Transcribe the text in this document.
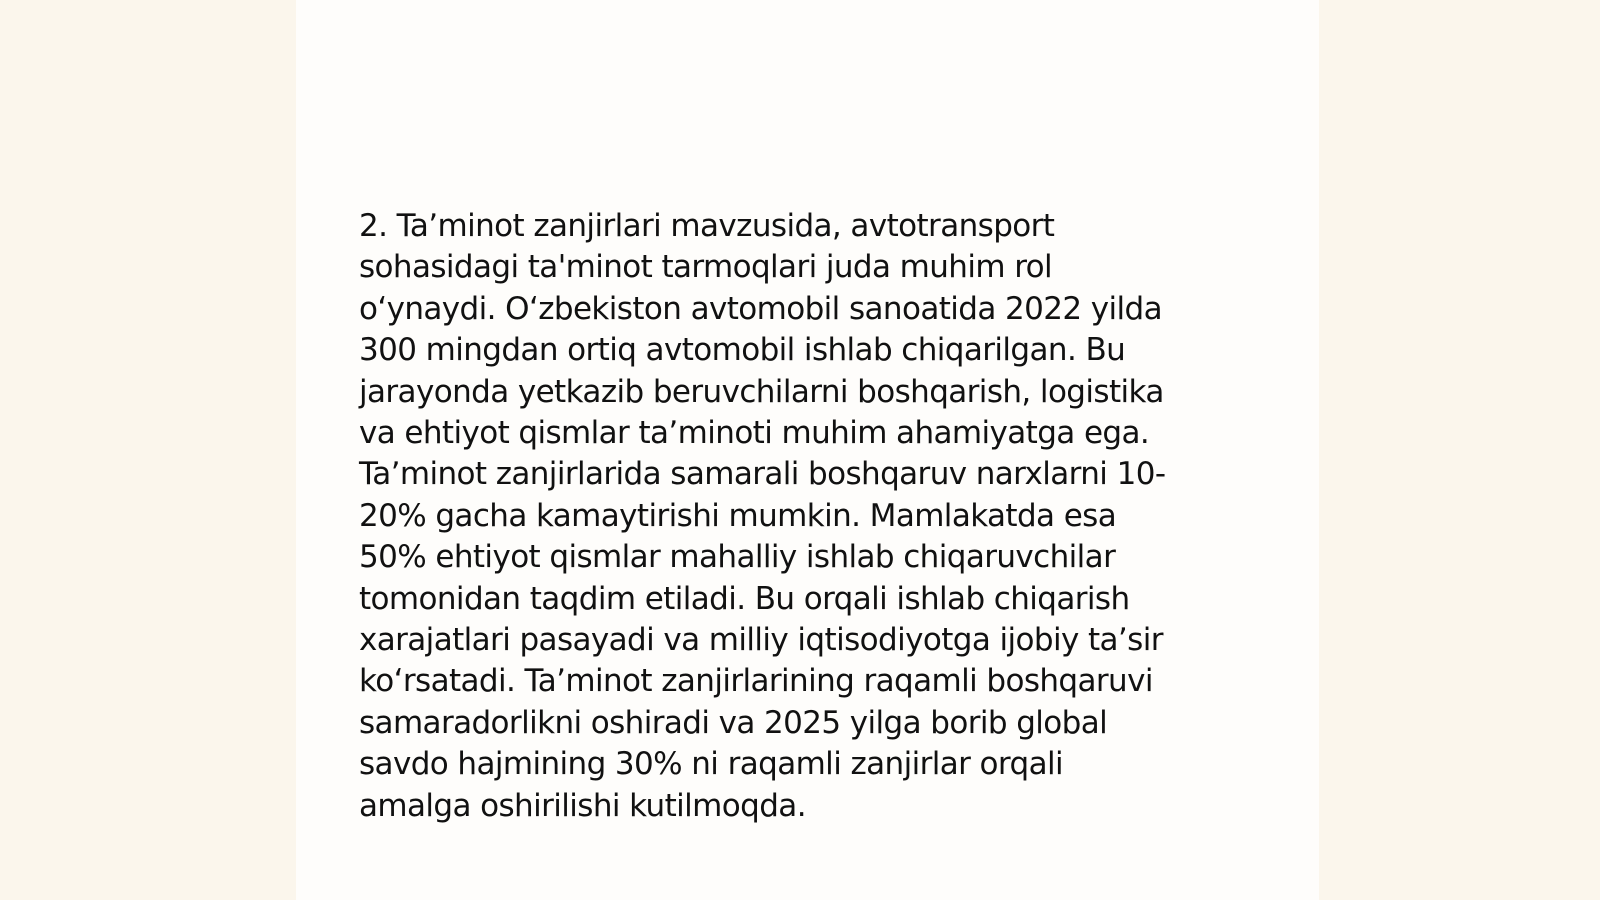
2. Ta’minot zanjirlari mavzusida, avtotransport
sohasidagi ta'minot tarmoqlari juda muhim rol
o‘ynaydi. O‘zbekiston avtomobil sanoatida 2022 yilda
300 mingdan ortiq avtomobil ishlab chiqarilgan. Bu
jarayonda yetkazib beruvchilarni boshqarish, logistika
va ehtiyot qismlar ta’minoti muhim ahamiyatga ega.
Ta’minot zanjirlarida samarali boshqaruv narxlarni 10-
20% gacha kamaytirishi mumkin. Mamlakatda esa
50% ehtiyot qismlar mahalliy ishlab chiqaruvchilar
tomonidan taqdim etiladi. Bu orqali ishlab chiqarish
xarajatlari pasayadi va milliy iqtisodiyotga ijobiy ta’sir
ko‘rsatadi. Ta’minot zanjirlarining raqamli boshqaruvi
samaradorlikni oshiradi va 2025 yilga borib global
savdo hajmining 30% ni raqamli zanjirlar orqali
amalga oshirilishi kutilmoqda.
